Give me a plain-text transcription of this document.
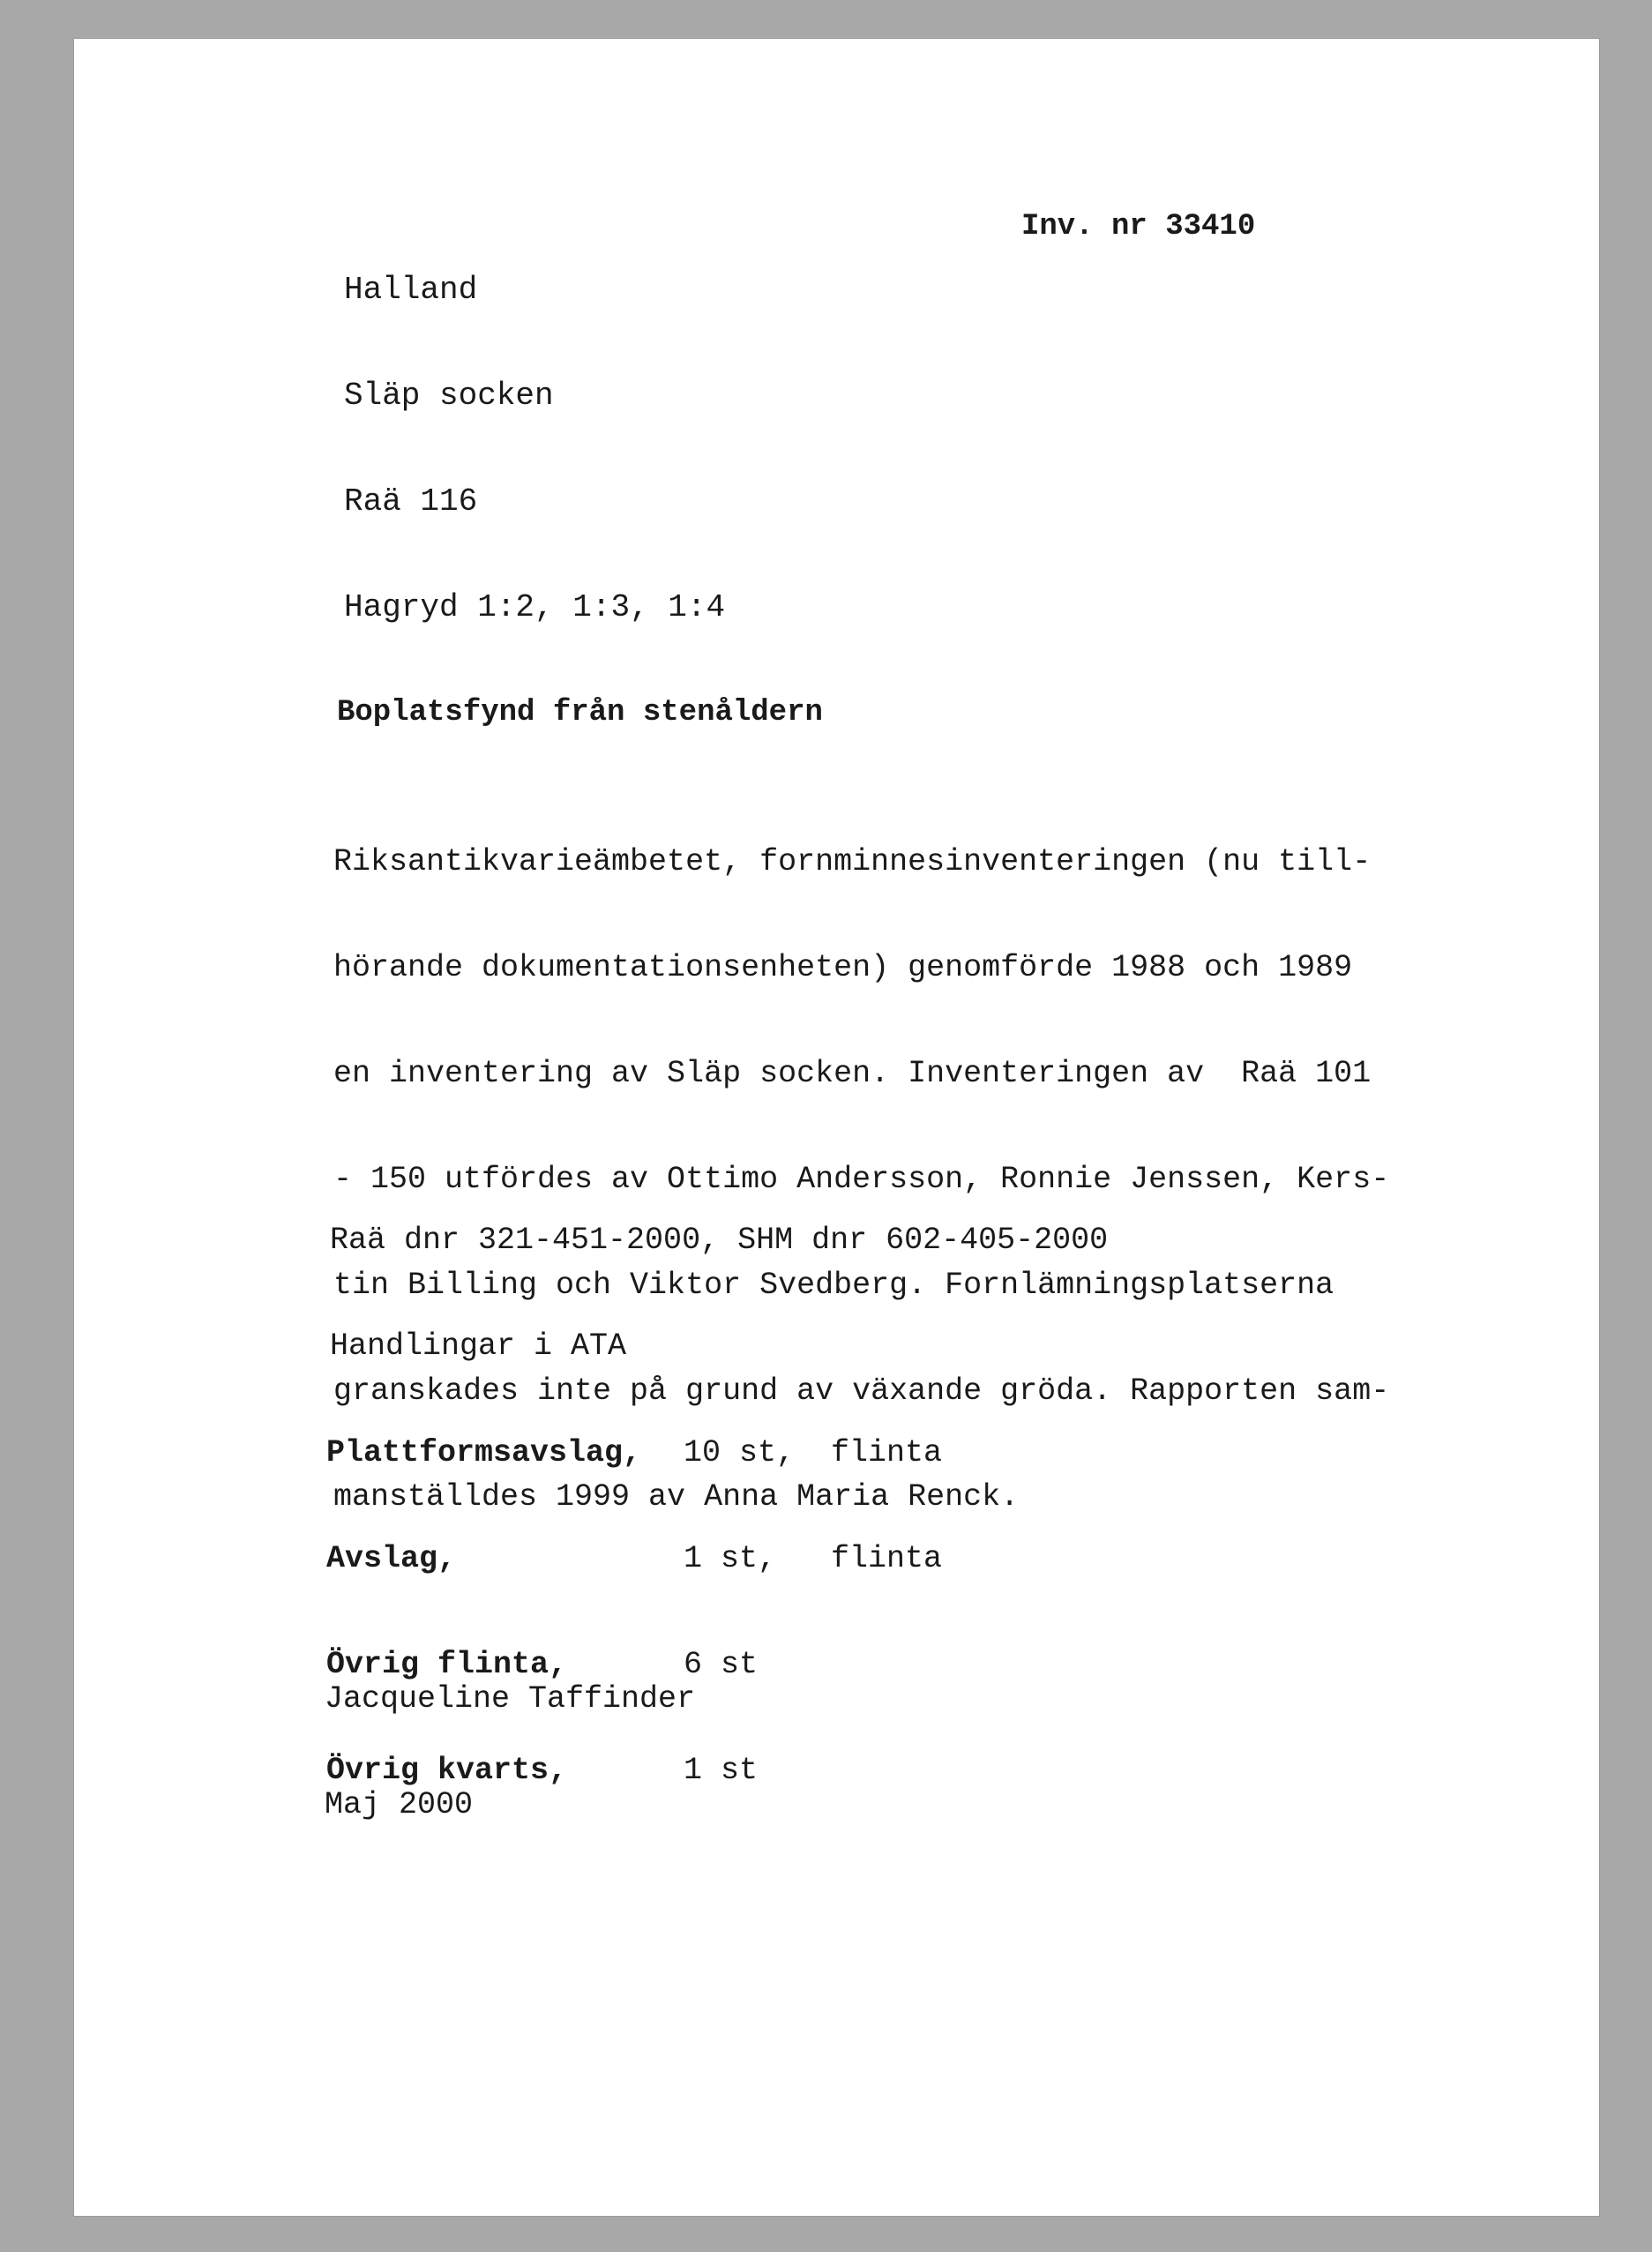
Halland

Släp socken

Raä 116

Hagryd 1:2, 1:3, 1:4

Inv. nr 33410
Boplatsfynd från stenåldern

Riksantikvarieämbetet, fornminnesinventeringen (nu till-

hörande dokumentationsenheten) genomförde 1988 och 1989

en inventering av Släp socken. Inventeringen av  Raä 101

- 150 utfördes av Ottimo Andersson, Ronnie Jenssen, Kers-

tin Billing och Viktor Svedberg. Fornlämningsplatserna

granskades inte på grund av växande gröda. Rapporten sam-

manställdes 1999 av Anna Maria Renck.

Raä dnr 321-451-2000, SHM dnr 602-405-2000

Handlingar i ATA

Plattformsavslag,	10 st,	flinta

Avslag,	1 st,	flinta

Övrig flinta,	6 st

Övrig kvarts,	1 st

Jacqueline Taffinder

Maj 2000
